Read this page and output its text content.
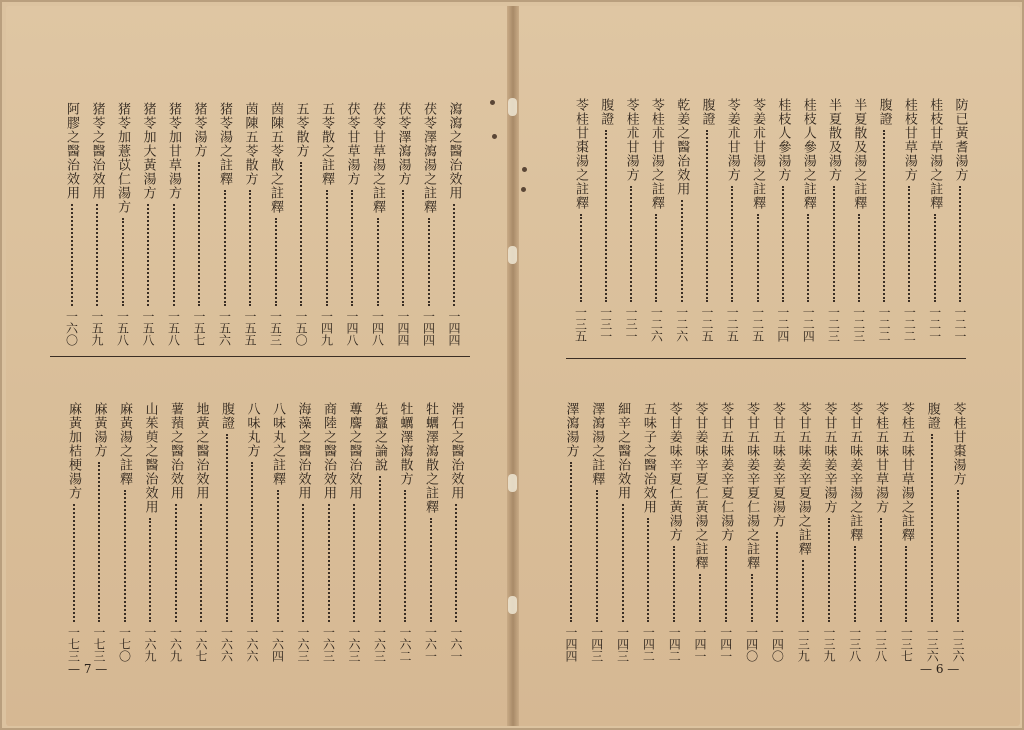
瀉瀉之醫治效用
一四四
茯苓澤瀉湯之註釋
一四四
茯苓澤瀉湯方
一四四
茯苓甘草湯之註釋
一四八
茯苓甘草湯方
一四八
五苓散之註釋
一四九
五苓散方
一五〇
茵陳五苓散之註釋
一五三
茵陳五苓散方
一五五
猪苓湯之註釋
一五六
猪苓湯方
一五七
猪苓加甘草湯方
一五八
猪苓加大黃湯方
一五八
猪苓加薏苡仁湯方
一五八
猪苓之醫治效用
一五九
阿膠之醫治效用
一六〇
滑石之醫治效用
一六一
牡蠣澤瀉散之註釋
一六一
牡蠣澤瀉散方
一六二
先蠶之論說
一六三
蓴麐之醫治效用
一六三
商陸之醫治效用
一六三
海藻之醫治效用
一六三
八味丸之註釋
一六四
八味丸方
一六六
腹證
一六六
地黃之醫治效用
一六七
薯蕷之醫治效用
一六九
山茱萸之醫治效用
一六九
麻黃湯之註釋
一七〇
麻黃湯方
一七三
麻黃加桔梗湯方
一七三
— 7 —
防已黃耆湯方
一二一
桂枝甘草湯之註釋
一二一
桂枝甘草湯方
一二二
腹證
一二二
半夏散及湯之註釋
一二三
半夏散及湯方
一二三
桂枝人參湯之註釋
一二四
桂枝人參湯方
一二四
苓姜朮甘湯之註釋
一二五
苓姜朮甘湯方
一二五
腹證
一二五
乾姜之醫治效用
一二六
苓桂朮甘湯之註釋
一二六
苓桂朮甘湯方
一三一
腹證
一三一
苓桂甘棗湯之註釋
一三五
苓桂甘棗湯方
一三六
腹證
一三六
苓桂五味甘草湯之註釋
一三七
苓桂五味甘草湯方
一三八
苓甘五味姜辛湯之註釋
一三八
苓甘五味姜辛湯方
一三九
苓甘五味姜辛夏湯之註釋
一三九
苓甘五味姜辛夏湯方
一四〇
苓甘五味姜辛夏仁湯之註釋
一四〇
苓甘五味姜辛夏仁湯方
一四一
苓甘姜味辛夏仁黃湯之註釋
一四一
苓甘姜味辛夏仁黃湯方
一四二
五味子之醫治效用
一四二
細辛之醫治效用
一四三
澤瀉湯之註釋
一四三
澤瀉湯方
一四四
— 6 —
